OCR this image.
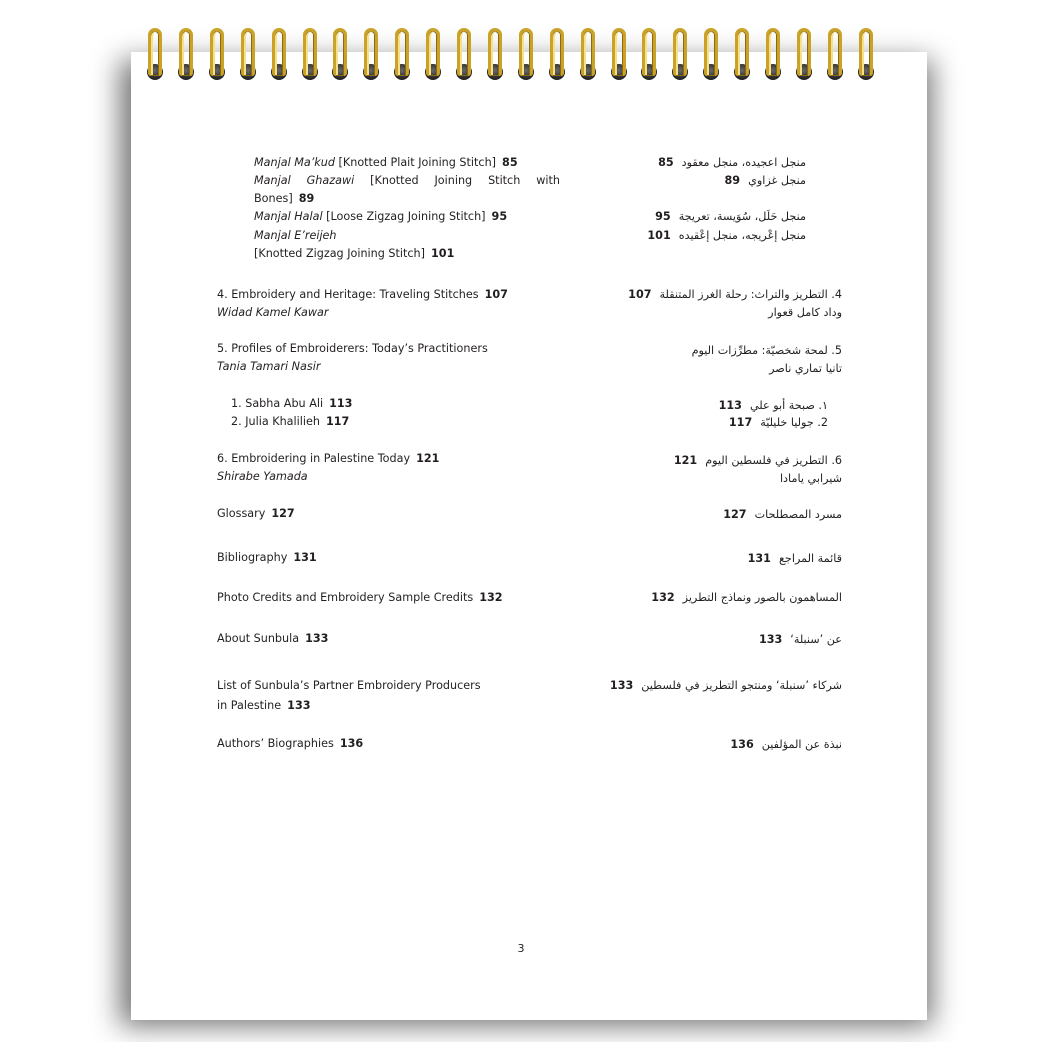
Manjal Ma’kud [Knotted Plait Joining Stitch] 85
Manjal Ghazawi [Knotted Joining Stitch with Bones] 89
Manjal Halal [Loose Zigzag Joining Stitch] 95
Manjal E’reijeh
[Knotted Zigzag Joining Stitch] 101
4. Embroidery and Heritage: Traveling Stitches 107
Widad Kamel Kawar
5. Profiles of Embroiderers: Today’s Practitioners
Tania Tamari Nasir
1. Sabha Abu Ali 113
2. Julia Khalilieh 117
6. Embroidering in Palestine Today 121
Shirabe Yamada
Glossary 127
Bibliography 131
Photo Credits and Embroidery Sample Credits 132
About Sunbula 133
List of Sunbula’s Partner Embroidery Producers
in Palestine 133
Authors’ Biographies 136
منجل اعجيده، منجل معقود85
منجل غزاوي89
منجل حَلَل، سُوَيسة، تعريجة95
منجل إعْريجه، منجل إعْقيده101
4. التطريز والتراث: رحلة الغرز المتنقلة107
وداد كامل قعوار
5. لمحة شخصيّة: مطرِّزات اليوم
تانيا تماري ناصر
١. صبحة أبو علي113
2. جوليا خليليّة117
6. التطريز في فلسطين اليوم121
شيرابي يامادا
مسرد المصطلحات127
قائمة المراجع131
المساهمون بالصور ونماذج التطريز132
عن ’سنبلة‘133
شركاء ’سنبلة‘ ومنتجو التطريز في فلسطين133
نبذة عن المؤلفين136
3
